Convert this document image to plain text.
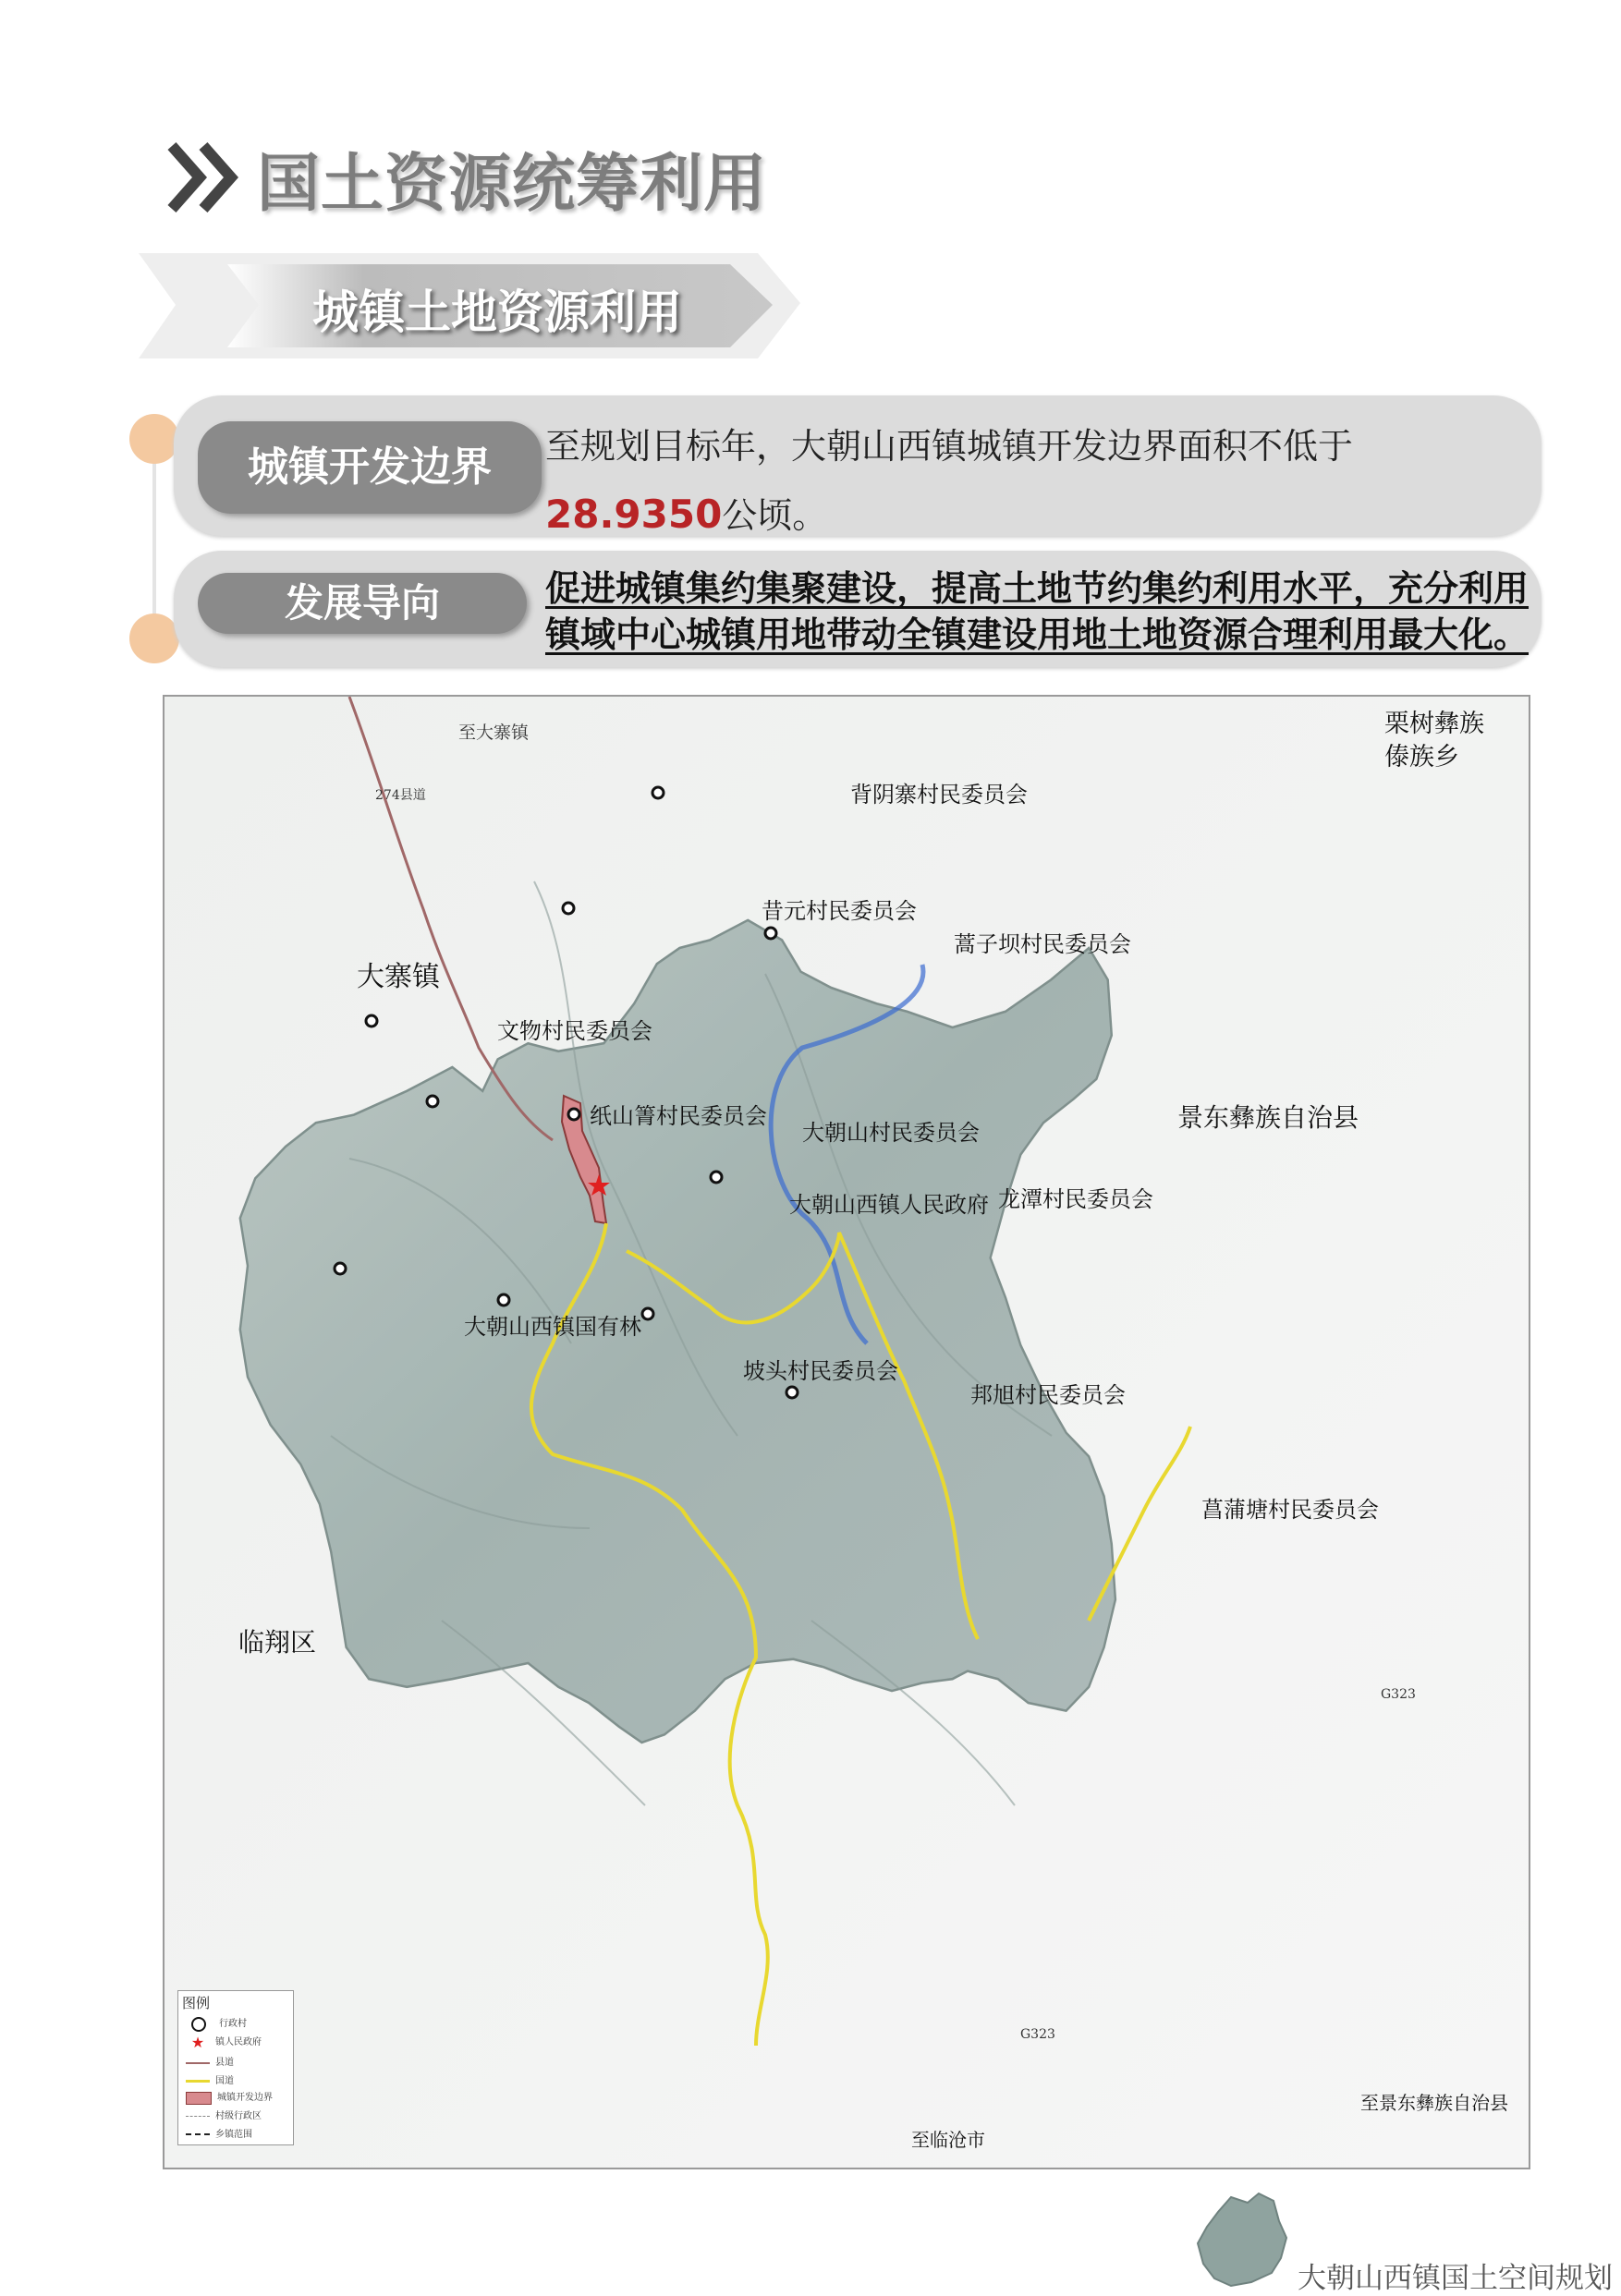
国土资源统筹利用
城镇土地资源利用
城镇开发边界	至规划目标年，大朝山西镇城镇开发边界面积不低于
28.9350公顷。
发展导向	促进城镇集约集聚建设，提高土地节约集约利用水平，充分利用镇域中心城镇用地带动全镇建设用地土地资源合理利用最大化。
至大寨镇
274县道
栗树彝族傣族乡
背阴寨村民委员会
大寨镇
昔元村民委员会
蒿子坝村民委员会
文物村民委员会
景东彝族自治县
纸山箐村民委员会
大朝山村民委员会
大朝山西镇人民政府 龙潭村民委员会
大朝山西镇国有林
坡头村民委员会
邦旭村民委员会
菖蒲塘村民委员会
临翔区
G323
G323
至景东彝族自治县
至临沧市
图例
行政村
★ 镇人民政府
县道
国道
城镇开发边界
村级行政区
乡镇范围
大朝山西镇国土空间规划
